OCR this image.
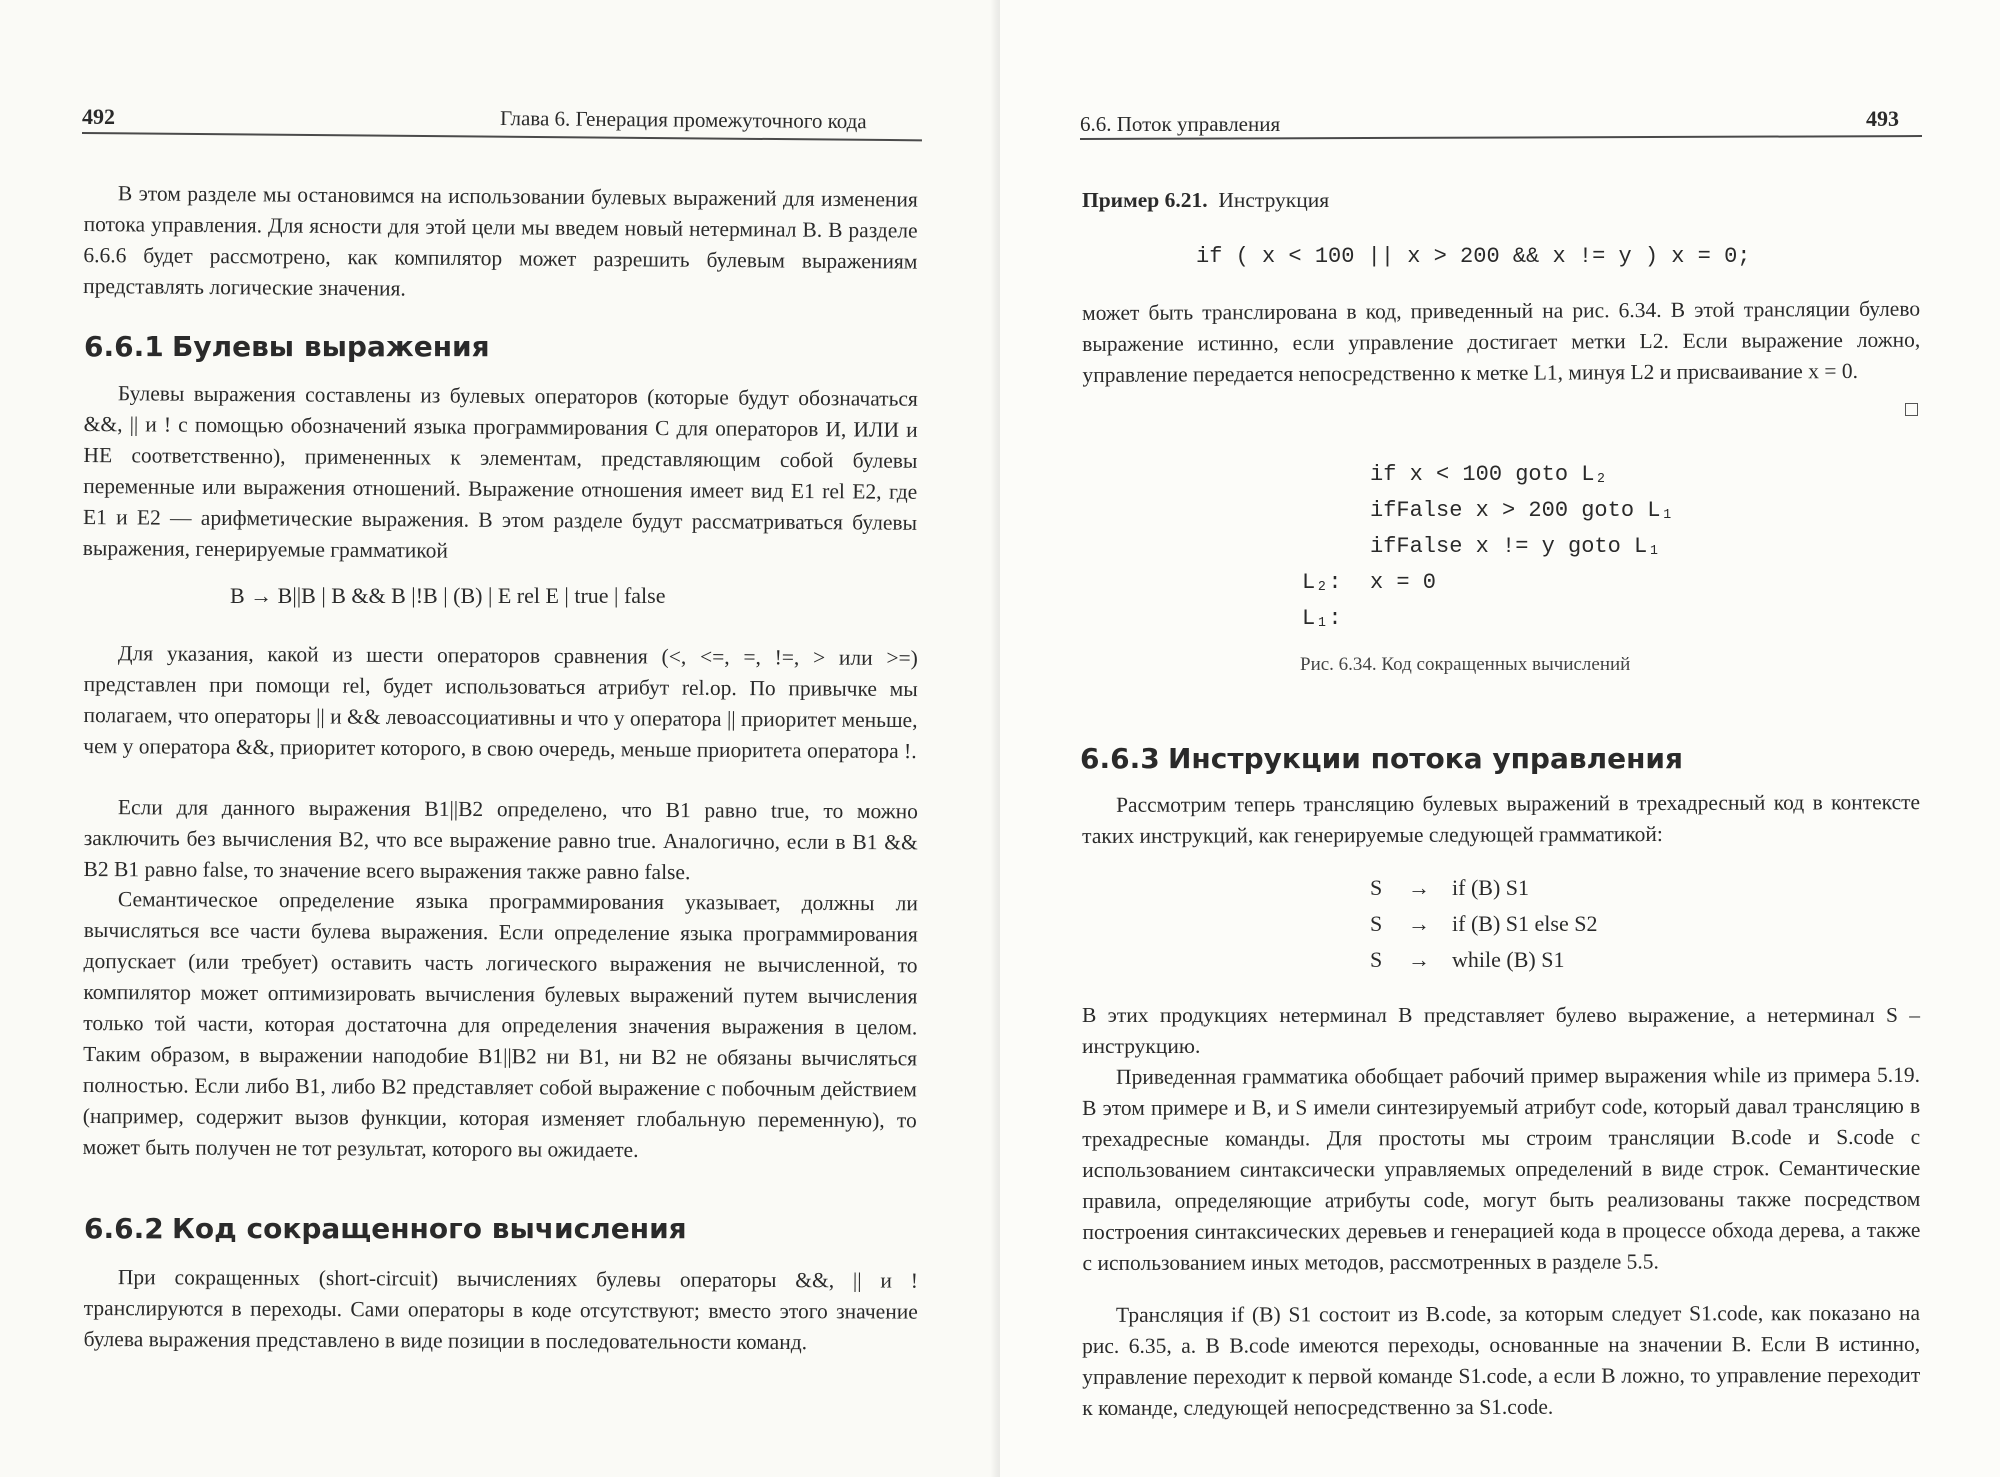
492	Глава 6. Генерация промежуточного кода

В этом разделе мы остановимся на использовании булевых выражений для изменения потока управления. Для ясности для этой цели мы введем новый нетерминал B. В разделе 6.6.6 будет рассмотрено, как компилятор может разрешить булевым выражениям представлять логические значения.

6.6.1 Булевы выражения

Булевы выражения составлены из булевых операторов (которые будут обозначаться &&, || и ! с помощью обозначений языка программирования C для операторов И, ИЛИ и НЕ соответственно), примененных к элементам, представляющим собой булевы переменные или выражения отношений. Выражение отношения имеет вид E1 rel E2, где E1 и E2 — арифметические выражения. В этом разделе будут рассматриваться булевы выражения, генерируемые грамматикой

B → B||B | B && B |!B | (B) | E rel E | true | false

Для указания, какой из шести операторов сравнения (<, <=, =, !=, > или >=) представлен при помощи rel, будет использоваться атрибут rel.op. По привычке мы полагаем, что операторы || и && левоассоциативны и что у оператора || приоритет меньше, чем у оператора &&, приоритет которого, в свою очередь, меньше приоритета оператора !.

Если для данного выражения B1||B2 определено, что B1 равно true, то можно заключить без вычисления B2, что все выражение равно true. Аналогично, если в B1 && B2 B1 равно false, то значение всего выражения также равно false.

Семантическое определение языка программирования указывает, должны ли вычисляться все части булева выражения. Если определение языка программирования допускает (или требует) оставить часть логического выражения не вычисленной, то компилятор может оптимизировать вычисления булевых выражений путем вычисления только той части, которая достаточна для определения значения выражения в целом. Таким образом, в выражении наподобие B1||B2 ни B1, ни B2 не обязаны вычисляться полностью. Если либо B1, либо B2 представляет собой выражение с побочным действием (например, содержит вызов функции, которая изменяет глобальную переменную), то может быть получен не тот результат, которого вы ожидаете.

6.6.2 Код сокращенного вычисления

При сокращенных (short-circuit) вычислениях булевы операторы &&, || и ! транслируются в переходы. Сами операторы в коде отсутствуют; вместо этого значение булева выражения представлено в виде позиции в последовательности команд.

6.6. Поток управления	493
Пример 6.21. Инструкция
if ( x < 100 || x > 200 && x != y ) x = 0;

может быть транслирована в код, приведенный на рис. 6.34. В этой трансляции булево выражение истинно, если управление достигает метки L2. Если выражение ложно, управление передается непосредственно к метке L1, минуя L2 и присваивание x = 0.

L₂:
L₁:
if x < 100 goto L₂
ifFalse x > 200 goto L₁
ifFalse x != y goto L₁
x = 0
Рис. 6.34. Код сокращенных вычислений
6.6.3 Инструкции потока управления

Рассмотрим теперь трансляцию булевых выражений в трехадресный код в контексте таких инструкций, как генерируемые следующей грамматикой:

S → if (B) S1
S → if (B) S1 else S2
S → while (B) S1

В этих продукциях нетерминал B представляет булево выражение, а нетерминал S – инструкцию.

Приведенная грамматика обобщает рабочий пример выражения while из примера 5.19. В этом примере и B, и S имели синтезируемый атрибут code, который давал трансляцию в трехадресные команды. Для простоты мы строим трансляции B.code и S.code с использованием синтаксически управляемых определений в виде строк. Семантические правила, определяющие атрибуты code, могут быть реализованы также посредством построения синтаксических деревьев и генерацией кода в процессе обхода дерева, а также с использованием иных методов, рассмотренных в разделе 5.5.

Трансляция if (B) S1 состоит из B.code, за которым следует S1.code, как показано на рис. 6.35, а. В B.code имеются переходы, основанные на значении B. Если B истинно, управление переходит к первой команде S1.code, а если B ложно, то управление переходит к команде, следующей непосредственно за S1.code.
